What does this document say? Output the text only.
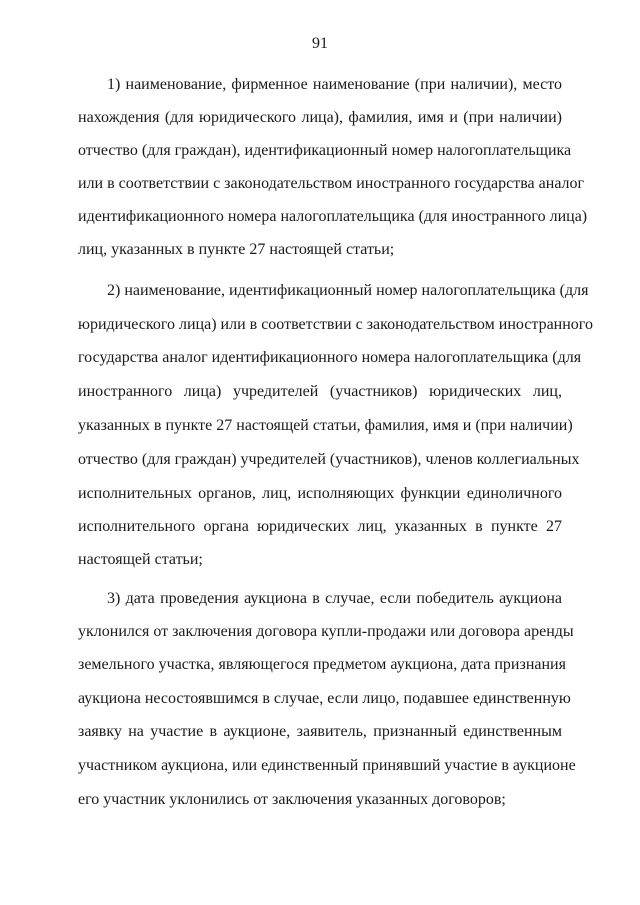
91
1) наименование, фирменное наименование (при наличии), место
нахождения (для юридического лица), фамилия, имя и (при наличии)
отчество (для граждан), идентификационный номер налогоплательщика
или в соответствии с законодательством иностранного государства аналог
идентификационного номера налогоплательщика (для иностранного лица)
лиц, указанных в пункте 27 настоящей статьи;
2) наименование, идентификационный номер налогоплательщика (для
юридического лица) или в соответствии с законодательством иностранного
государства аналог идентификационного номера налогоплательщика (для
иностранного лица) учредителей (участников) юридических лиц,
указанных в пункте 27 настоящей статьи, фамилия, имя и (при наличии)
отчество (для граждан) учредителей (участников), членов коллегиальных
исполнительных органов, лиц, исполняющих функции единоличного
исполнительного органа юридических лиц, указанных в пункте 27
настоящей статьи;
3) дата проведения аукциона в случае, если победитель аукциона
уклонился от заключения договора купли-продажи или договора аренды
земельного участка, являющегося предметом аукциона, дата признания
аукциона несостоявшимся в случае, если лицо, подавшее единственную
заявку на участие в аукционе, заявитель, признанный единственным
участником аукциона, или единственный принявший участие в аукционе
его участник уклонились от заключения указанных договоров;
